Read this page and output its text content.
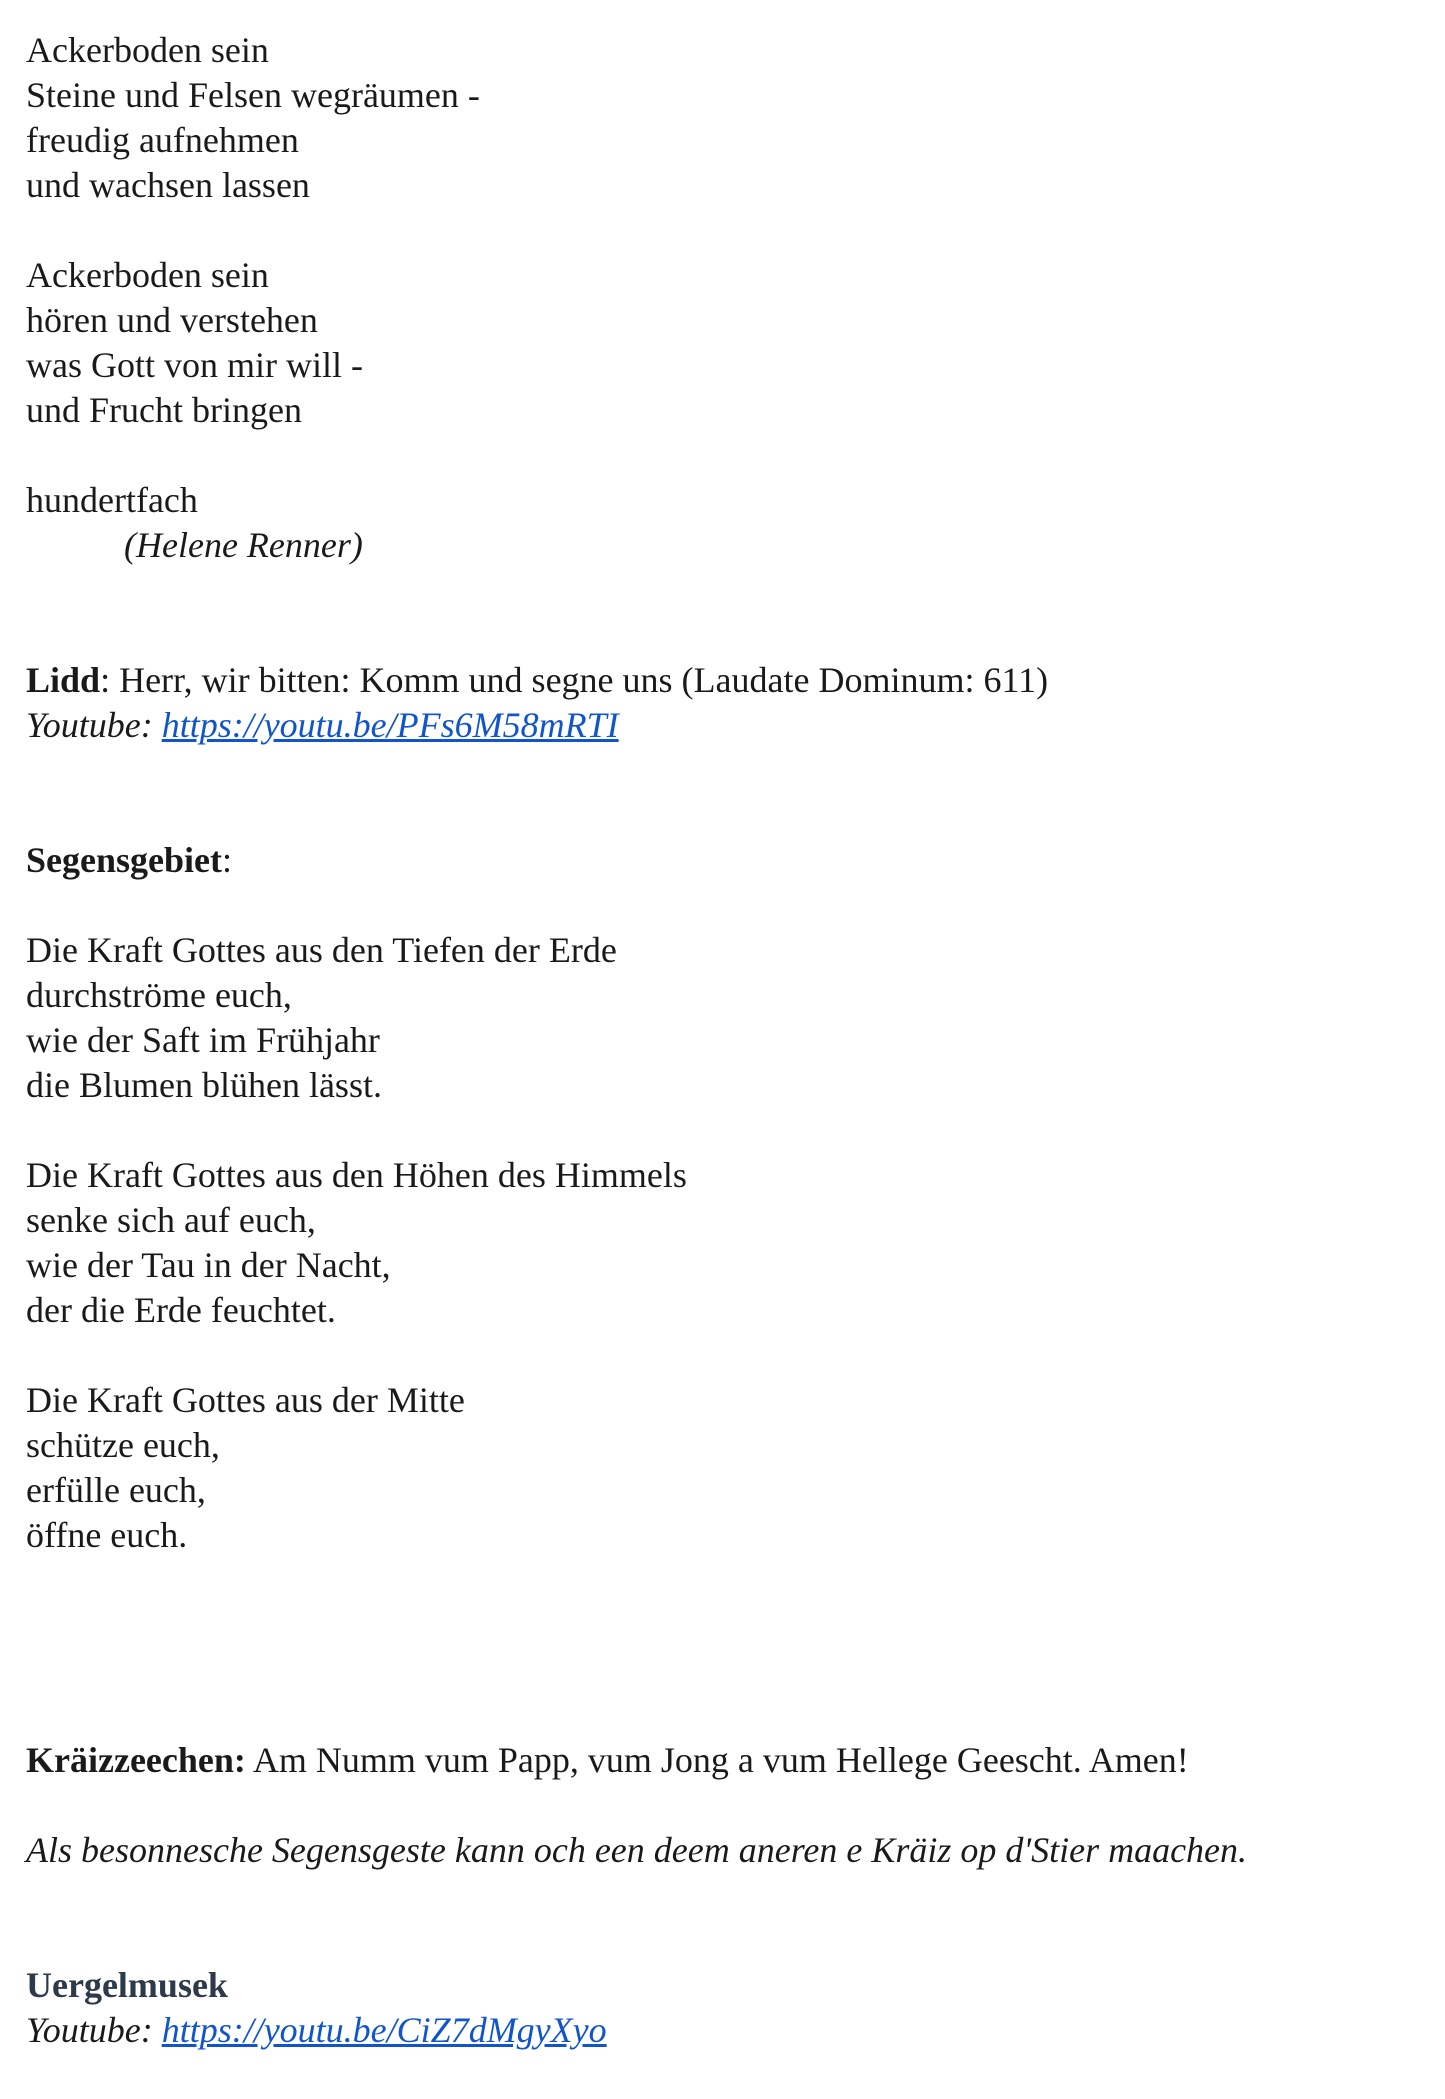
Ackerboden sein
Steine und Felsen wegräumen -
freudig aufnehmen
und wachsen lassen
Ackerboden sein
hören und verstehen
was Gott von mir will -
und Frucht bringen
hundertfach
(Helene Renner)
Lidd: Herr, wir bitten: Komm und segne uns (Laudate Dominum: 611)
Youtube: https://youtu.be/PFs6M58mRTI
Segensgebiet:
Die Kraft Gottes aus den Tiefen der Erde
durchströme euch,
wie der Saft im Frühjahr
die Blumen blühen lässt.
Die Kraft Gottes aus den Höhen des Himmels
senke sich auf euch,
wie der Tau in der Nacht,
der die Erde feuchtet.
Die Kraft Gottes aus der Mitte
schütze euch,
erfülle euch,
öffne euch.
Kräizzeechen: Am Numm vum Papp, vum Jong a vum Hellege Geescht. Amen!
Als besonnesche Segensgeste kann och een deem aneren e Kräiz op d'Stier maachen.
Uergelmusek
Youtube: https://youtu.be/CiZ7dMgyXyo
